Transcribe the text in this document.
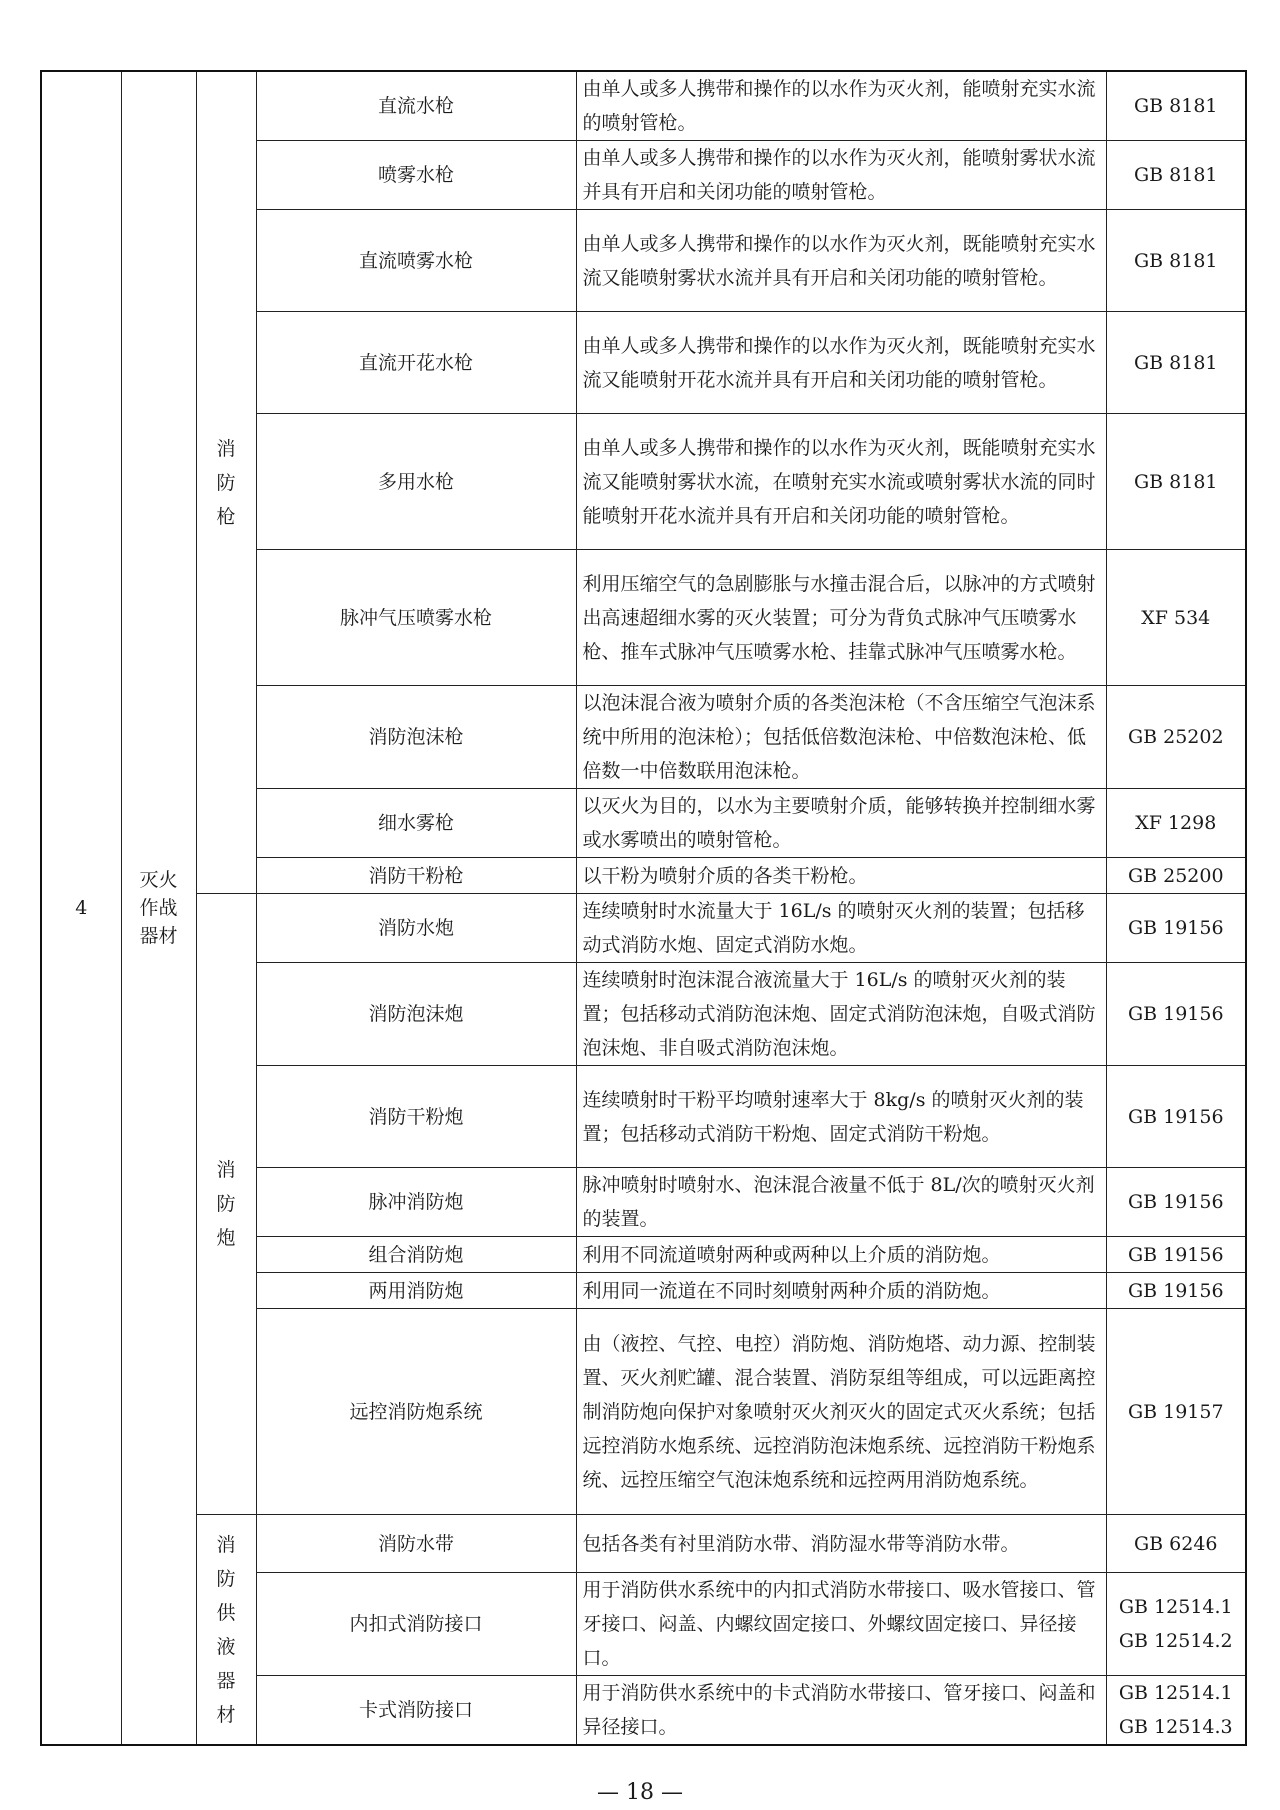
4	灭火作战器材	消防枪	直流水枪	由单人或多人携带和操作的以水作为灭火剂，能喷射充实水流的喷射管枪。	GB 8181

			喷雾水枪	由单人或多人携带和操作的以水作为灭火剂，能喷射雾状水流并具有开启和关闭功能的喷射管枪。	GB 8181

			直流喷雾水枪	由单人或多人携带和操作的以水作为灭火剂，既能喷射充实水流又能喷射雾状水流并具有开启和关闭功能的喷射管枪。	GB 8181

			直流开花水枪	由单人或多人携带和操作的以水作为灭火剂，既能喷射充实水流又能喷射开花水流并具有开启和关闭功能的喷射管枪。	GB 8181

			多用水枪	由单人或多人携带和操作的以水作为灭火剂，既能喷射充实水流又能喷射雾状水流，在喷射充实水流或喷射雾状水流的同时能喷射开花水流并具有开启和关闭功能的喷射管枪。	GB 8181

			脉冲气压喷雾水枪	利用压缩空气的急剧膨胀与水撞击混合后，以脉冲的方式喷射出高速超细水雾的灭火装置；可分为背负式脉冲气压喷雾水枪、推车式脉冲气压喷雾水枪、挂靠式脉冲气压喷雾水枪。	XF 534

			消防泡沫枪	以泡沫混合液为喷射介质的各类泡沫枪（不含压缩空气泡沫系统中所用的泡沫枪）；包括低倍数泡沫枪、中倍数泡沫枪、低倍数一中倍数联用泡沫枪。	GB 25202

			细水雾枪	以灭火为目的，以水为主要喷射介质，能够转换并控制细水雾或水雾喷出的喷射管枪。	XF 1298

			消防干粉枪	以干粉为喷射介质的各类干粉枪。	GB 25200

		消防炮	消防水炮	连续喷射时水流量大于 16L/s 的喷射灭火剂的装置；包括移动式消防水炮、固定式消防水炮。	GB 19156

			消防泡沫炮	连续喷射时泡沫混合液流量大于 16L/s 的喷射灭火剂的装置；包括移动式消防泡沫炮、固定式消防泡沫炮，自吸式消防泡沫炮、非自吸式消防泡沫炮。	GB 19156

			消防干粉炮	连续喷射时干粉平均喷射速率大于 8kg/s 的喷射灭火剂的装置；包括移动式消防干粉炮、固定式消防干粉炮。	GB 19156

			脉冲消防炮	脉冲喷射时喷射水、泡沫混合液量不低于 8L/次的喷射灭火剂的装置。	GB 19156

			组合消防炮	利用不同流道喷射两种或两种以上介质的消防炮。	GB 19156

			两用消防炮	利用同一流道在不同时刻喷射两种介质的消防炮。	GB 19156

			远控消防炮系统	由（液控、气控、电控）消防炮、消防炮塔、动力源、控制装置、灭火剂贮罐、混合装置、消防泵组等组成，可以远距离控制消防炮向保护对象喷射灭火剂灭火的固定式灭火系统；包括远控消防水炮系统、远控消防泡沫炮系统、远控消防干粉炮系统、远控压缩空气泡沫炮系统和远控两用消防炮系统。	GB 19157

		消防供液器材	消防水带	包括各类有衬里消防水带、消防湿水带等消防水带。	GB 6246

			内扣式消防接口	用于消防供水系统中的内扣式消防水带接口、吸水管接口、管牙接口、闷盖、内螺纹固定接口、外螺纹固定接口、异径接口。	GB 12514.1
GB 12514.2

			卡式消防接口	用于消防供水系统中的卡式消防水带接口、管牙接口、闷盖和异径接口。	GB 12514.1
GB 12514.3
— 18 —
